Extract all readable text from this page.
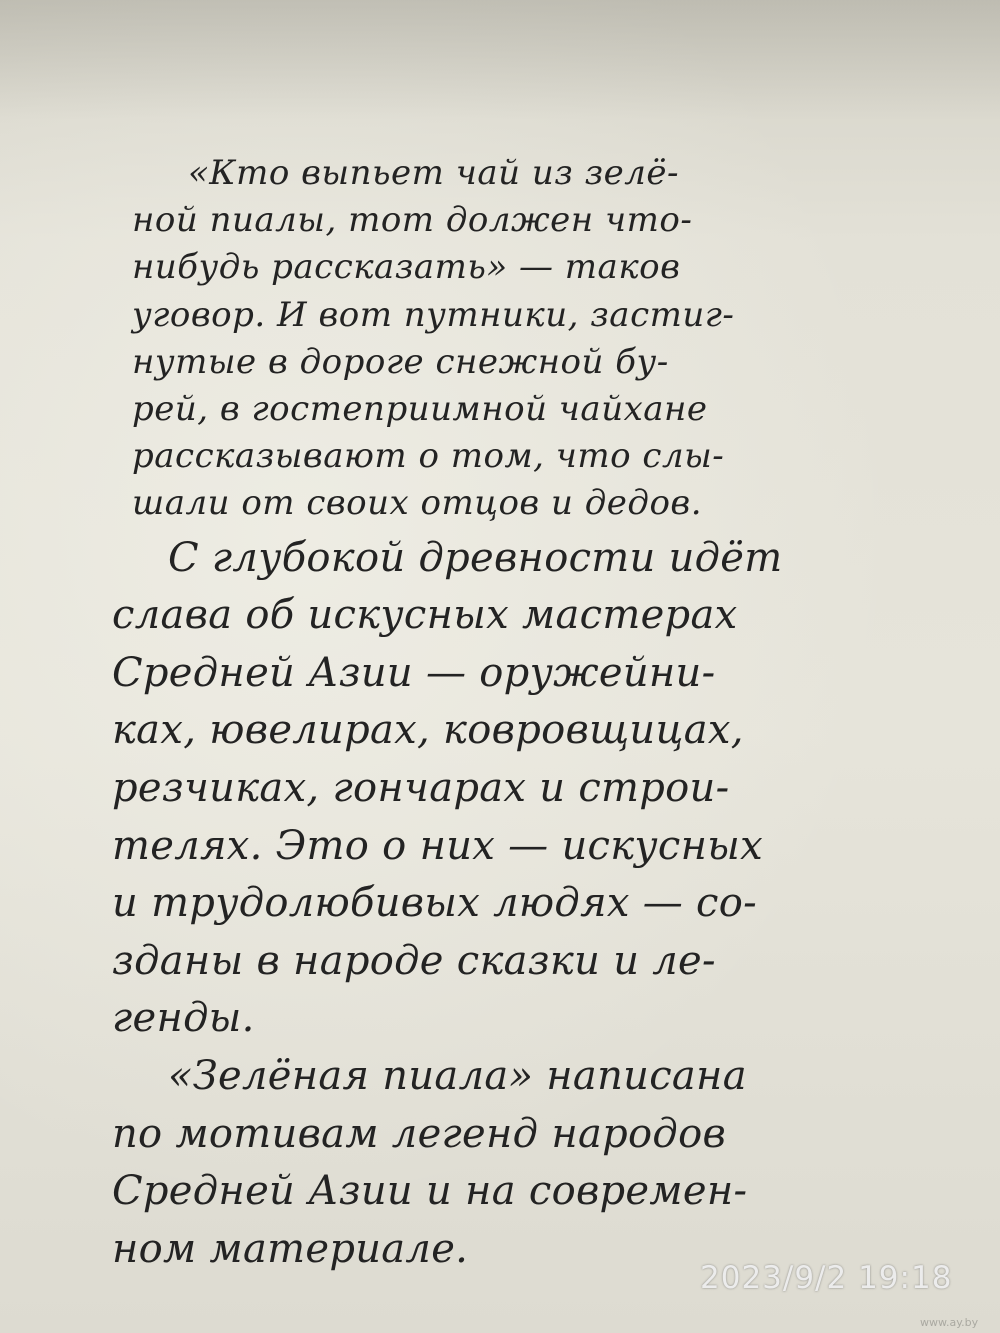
«Кто выпьет чай из зелё-
ной пиалы, тот должен что-
нибудь рассказать» — таков
уговор. И вот путники, застиг-
нутые в дороге снежной бу-
рей, в гостеприимной чайхане
рассказывают о том, что слы-
шали от своих отцов и дедов.
С глубокой древности идёт
слава об искусных мастерах
Средней Азии — оружейни-
ках, ювелирах, ковровщицах,
резчиках, гончарах и строи-
телях. Это о них — искусных
и трудолюбивых людях — со-
зданы в народе сказки и ле-
генды.
«Зелёная пиала» написана
по мотивам легенд народов
Средней Азии и на современ-
ном материале.
2023/9/2 19:18
www.ay.by
